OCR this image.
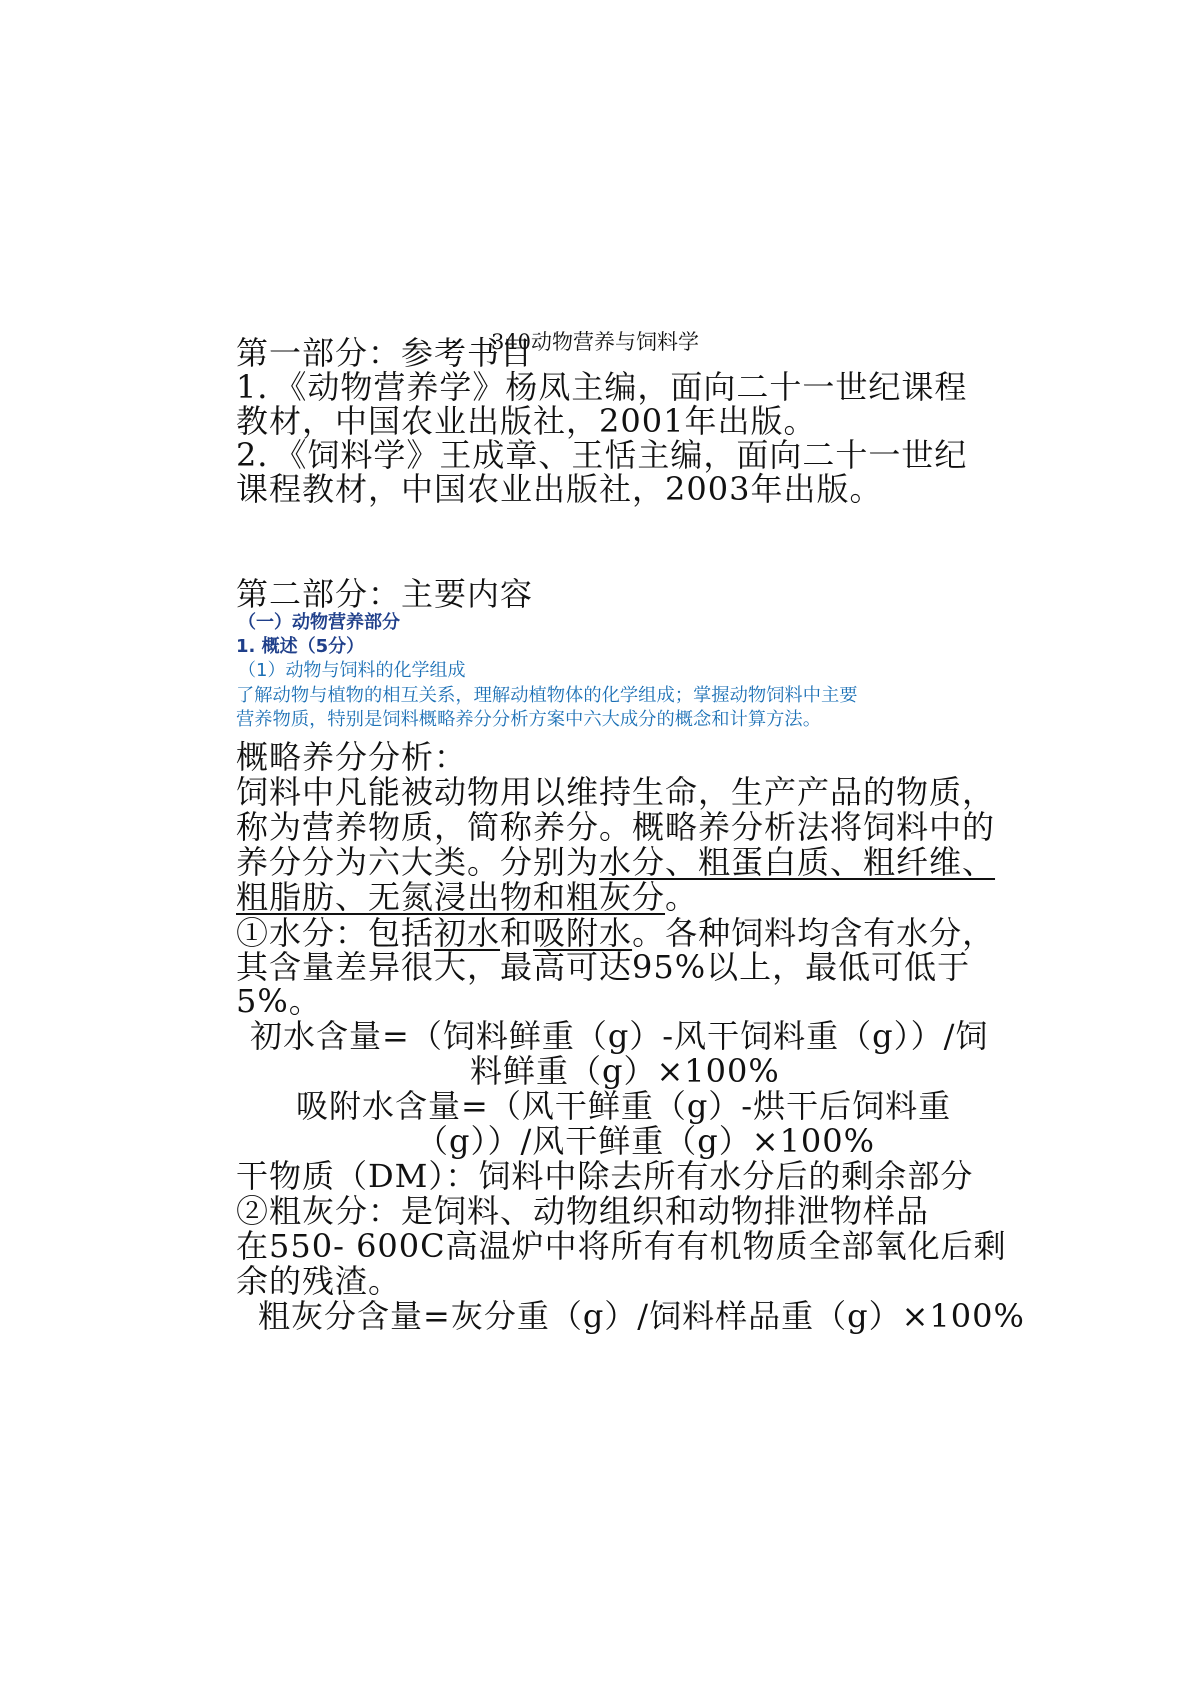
340动物营养与饲料学
第一部分：参考书目
1．《动物营养学》杨凤主编，面向二十一世纪课程
教材，中国农业出版社，2001年出版。
2．《饲料学》王成章、王恬主编，面向二十一世纪
课程教材，中国农业出版社，2003年出版。
第二部分：主要内容
（一）动物营养部分
1. 概述（5分）
（1）动物与饲料的化学组成
了解动物与植物的相互关系，理解动植物体的化学组成；掌握动物饲料中主要
营养物质，特别是饲料概略养分分析方案中六大成分的概念和计算方法。
概略养分分析：
饲料中凡能被动物用以维持生命，生产产品的物质，
称为营养物质，简称养分。概略养分析法将饲料中的
养分分为六大类。分别为水分、粗蛋白质、粗纤维、
粗脂肪、无氮浸出物和粗灰分。
①水分：包括初水和吸附水。各种饲料均含有水分，
其含量差异很大，最高可达95%以上，最低可低于
5%。
初水含量=（饲料鲜重（g）-风干饲料重（g））/饲
料鲜重（g）×100%
吸附水含量=（风干鲜重（g）-烘干后饲料重
（g））/风干鲜重（g）×100%
干物质（DM）：饲料中除去所有水分后的剩余部分
②粗灰分：是饲料、动物组织和动物排泄物样品
在550- 600C高温炉中将所有有机物质全部氧化后剩
余的残渣。
粗灰分含量=灰分重（g）/饲料样品重（g）×100%
